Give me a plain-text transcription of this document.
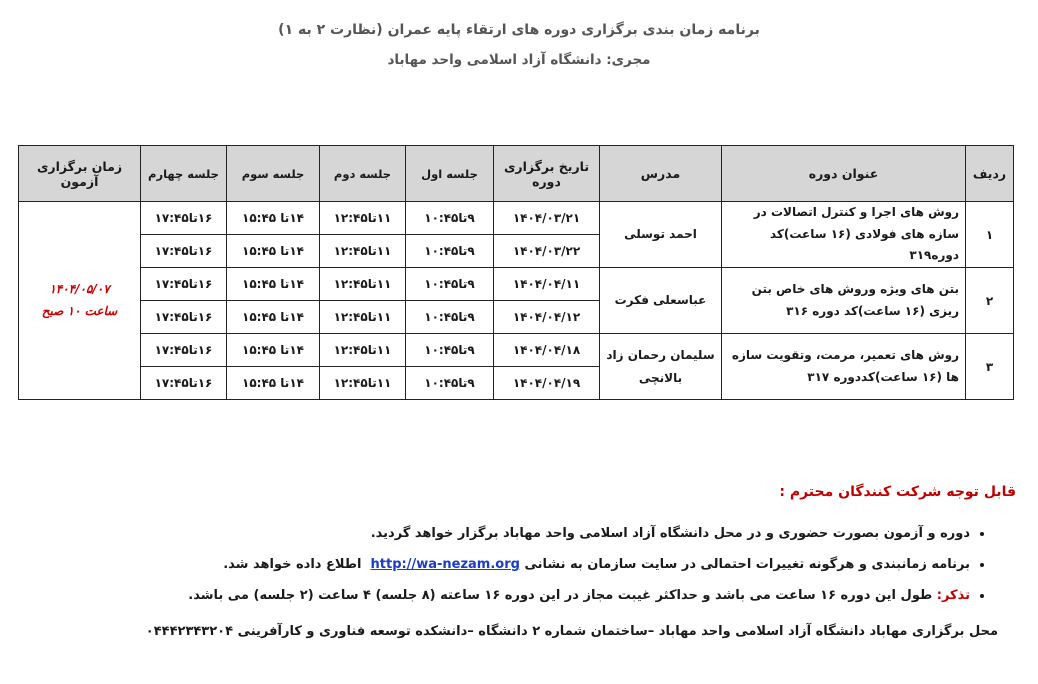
برنامه زمان بندی برگزاری دوره های ارتقاء پایه عمران (نظارت ۲ به ۱)
مجری: دانشگاه آزاد اسلامی واحد مهاباد
ردیف	عنوان دوره	مدرس	تاریخ برگزاری دوره	جلسه اول	جلسه دوم	جلسه سوم	جلسه چهارم	زمان برگزاری آزمون
۱	روش های اجرا و کنترل اتصالات در سازه های فولادی (۱۶ ساعت)کد دوره۳۱۹	احمد توسلی	۱۴۰۴/۰۳/۲۱	۹تا۱۰:۴۵	۱۱تا۱۲:۴۵	۱۴تا ۱۵:۴۵	۱۶تا۱۷:۴۵	۱۴۰۴/۰۵/۰۷
ساعت ۱۰ صبح

			۱۴۰۴/۰۳/۲۲	۹تا۱۰:۴۵	۱۱تا۱۲:۴۵	۱۴تا ۱۵:۴۵	۱۶تا۱۷:۴۵	
۲	بتن های ویژه وروش های خاص بتن ریزی (۱۶ ساعت)کد دوره ۳۱۶	عباسعلی فکرت	۱۴۰۴/۰۴/۱۱	۹تا۱۰:۴۵	۱۱تا۱۲:۴۵	۱۴تا ۱۵:۴۵	۱۶تا۱۷:۴۵	
			۱۴۰۴/۰۴/۱۲	۹تا۱۰:۴۵	۱۱تا۱۲:۴۵	۱۴تا ۱۵:۴۵	۱۶تا۱۷:۴۵	
۳	روش های تعمیر، مرمت، وتقویت سازه ها (۱۶ ساعت)کددوره ۳۱۷	سلیمان رحمان زاد بالانچی	۱۴۰۴/۰۴/۱۸	۹تا۱۰:۴۵	۱۱تا۱۲:۴۵	۱۴تا ۱۵:۴۵	۱۶تا۱۷:۴۵	
			۱۴۰۴/۰۴/۱۹	۹تا۱۰:۴۵	۱۱تا۱۲:۴۵	۱۴تا ۱۵:۴۵	۱۶تا۱۷:۴۵	
قابل توجه شرکت کنندگان محترم :
• دوره و آزمون بصورت حضوری و در محل دانشگاه آزاد اسلامی واحد مهاباد برگزار خواهد گردید.
• برنامه زمانبندی و هرگونه تغییرات احتمالی در سایت سازمان به نشانی http://wa-nezam.org  اطلاع داده خواهد شد.
• تذکر: طول این دوره ۱۶ ساعت می باشد و حداکثر غیبت مجاز در این دوره ۱۶ ساعته (۸ جلسه) ۴ ساعت (۲ جلسه) می باشد.
محل برگزاری مهاباد دانشگاه آزاد اسلامی واحد مهاباد –ساختمان شماره ۲ دانشگاه –دانشکده توسعه فناوری و کارآفرینی ۰۴۴۴۲۳۴۳۲۰۴
